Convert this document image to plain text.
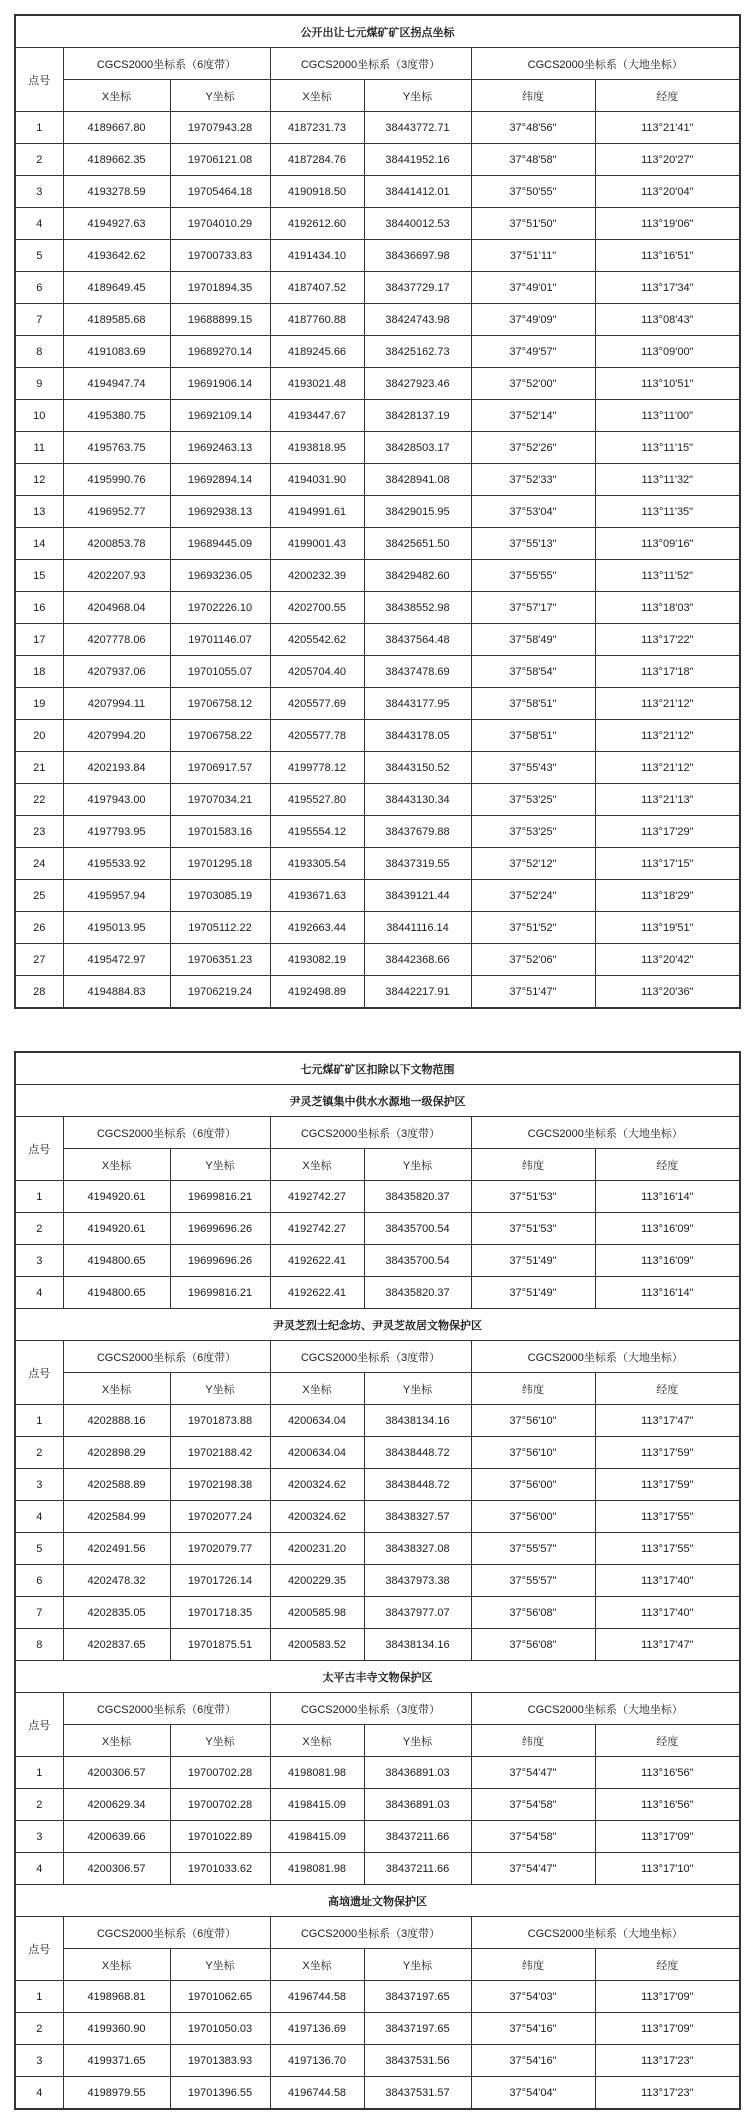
公开出让七元煤矿矿区拐点坐标						
点号	CGCS2000坐标系（6度带）		CGCS2000坐标系（3度带）		CGCS2000坐标系（大地坐标）	
	X坐标	Y坐标	X坐标	Y坐标	纬度	经度
1	4189667.80	19707943.28	4187231.73	38443772.71	37°48'56"	113°21'41"
2	4189662.35	19706121.08	4187284.76	38441952.16	37°48'58"	113°20'27"
3	4193278.59	19705464.18	4190918.50	38441412.01	37°50'55"	113°20'04"
4	4194927.63	19704010.29	4192612.60	38440012.53	37°51'50"	113°19'06"
5	4193642.62	19700733.83	4191434.10	38436697.98	37°51'11"	113°16'51"
6	4189649.45	19701894.35	4187407.52	38437729.17	37°49'01"	113°17'34"
7	4189585.68	19688899.15	4187760.88	38424743.98	37°49'09"	113°08'43"
8	4191083.69	19689270.14	4189245.66	38425162.73	37°49'57"	113°09'00"
9	4194947.74	19691906.14	4193021.48	38427923.46	37°52'00"	113°10'51"
10	4195380.75	19692109.14	4193447.67	38428137.19	37°52'14"	113°11'00"
11	4195763.75	19692463.13	4193818.95	38428503.17	37°52'26"	113°11'15"
12	4195990.76	19692894.14	4194031.90	38428941.08	37°52'33"	113°11'32"
13	4196952.77	19692938.13	4194991.61	38429015.95	37°53'04"	113°11'35"
14	4200853.78	19689445.09	4199001.43	38425651.50	37°55'13"	113°09'16"
15	4202207.93	19693236.05	4200232.39	38429482.60	37°55'55"	113°11'52"
16	4204968.04	19702226.10	4202700.55	38438552.98	37°57'17"	113°18'03"
17	4207778.06	19701146.07	4205542.62	38437564.48	37°58'49"	113°17'22"
18	4207937.06	19701055.07	4205704.40	38437478.69	37°58'54"	113°17'18"
19	4207994.11	19706758.12	4205577.69	38443177.95	37°58'51"	113°21'12"
20	4207994.20	19706758.22	4205577.78	38443178.05	37°58'51"	113°21'12"
21	4202193.84	19706917.57	4199778.12	38443150.52	37°55'43"	113°21'12"
22	4197943.00	19707034.21	4195527.80	38443130.34	37°53'25"	113°21'13"
23	4197793.95	19701583.16	4195554.12	38437679.88	37°53'25"	113°17'29"
24	4195533.92	19701295.18	4193305.54	38437319.55	37°52'12"	113°17'15"
25	4195957.94	19703085.19	4193671.63	38439121.44	37°52'24"	113°18'29"
26	4195013.95	19705112.22	4192663.44	38441116.14	37°51'52"	113°19'51"
27	4195472.97	19706351.23	4193082.19	38442368.66	37°52'06"	113°20'42"
28	4194884.83	19706219.24	4192498.89	38442217.91	37°51'47"	113°20'36"
七元煤矿矿区扣除以下文物范围						
尹灵芝镇集中供水水源地一级保护区						
点号	CGCS2000坐标系（6度带）		CGCS2000坐标系（3度带）		CGCS2000坐标系（大地坐标）	
	X坐标	Y坐标	X坐标	Y坐标	纬度	经度
1	4194920.61	19699816.21	4192742.27	38435820.37	37°51'53"	113°16'14"
2	4194920.61	19699696.26	4192742.27	38435700.54	37°51'53"	113°16'09"
3	4194800.65	19699696.26	4192622.41	38435700.54	37°51'49"	113°16'09"
4	4194800.65	19699816.21	4192622.41	38435820.37	37°51'49"	113°16'14"
尹灵芝烈士纪念坊、尹灵芝故居文物保护区						
点号	CGCS2000坐标系（6度带）		CGCS2000坐标系（3度带）		CGCS2000坐标系（大地坐标）	
	X坐标	Y坐标	X坐标	Y坐标	纬度	经度
1	4202888.16	19701873.88	4200634.04	38438134.16	37°56'10"	113°17'47"
2	4202898.29	19702188.42	4200634.04	38438448.72	37°56'10"	113°17'59"
3	4202588.89	19702198.38	4200324.62	38438448.72	37°56'00"	113°17'59"
4	4202584.99	19702077.24	4200324.62	38438327.57	37°56'00"	113°17'55"
5	4202491.56	19702079.77	4200231.20	38438327.08	37°55'57"	113°17'55"
6	4202478.32	19701726.14	4200229.35	38437973.38	37°55'57"	113°17'40"
7	4202835.05	19701718.35	4200585.98	38437977.07	37°56'08"	113°17'40"
8	4202837.65	19701875.51	4200583.52	38438134.16	37°56'08"	113°17'47"
太平古丰寺文物保护区						
点号	CGCS2000坐标系（6度带）		CGCS2000坐标系（3度带）		CGCS2000坐标系（大地坐标）	
	X坐标	Y坐标	X坐标	Y坐标	纬度	经度
1	4200306.57	19700702.28	4198081.98	38436891.03	37°54'47"	113°16'56"
2	4200629.34	19700702.28	4198415.09	38436891.03	37°54'58"	113°16'56"
3	4200639.66	19701022.89	4198415.09	38437211.66	37°54'58"	113°17'09"
4	4200306.57	19701033.62	4198081.98	38437211.66	37°54'47"	113°17'10"
高垴遗址文物保护区						
点号	CGCS2000坐标系（6度带）		CGCS2000坐标系（3度带）		CGCS2000坐标系（大地坐标）	
	X坐标	Y坐标	X坐标	Y坐标	纬度	经度
1	4198968.81	19701062.65	4196744.58	38437197.65	37°54'03"	113°17'09"
2	4199360.90	19701050.03	4197136.69	38437197.65	37°54'16"	113°17'09"
3	4199371.65	19701383.93	4197136.70	38437531.56	37°54'16"	113°17'23"
4	4198979.55	19701396.55	4196744.58	38437531.57	37°54'04"	113°17'23"
